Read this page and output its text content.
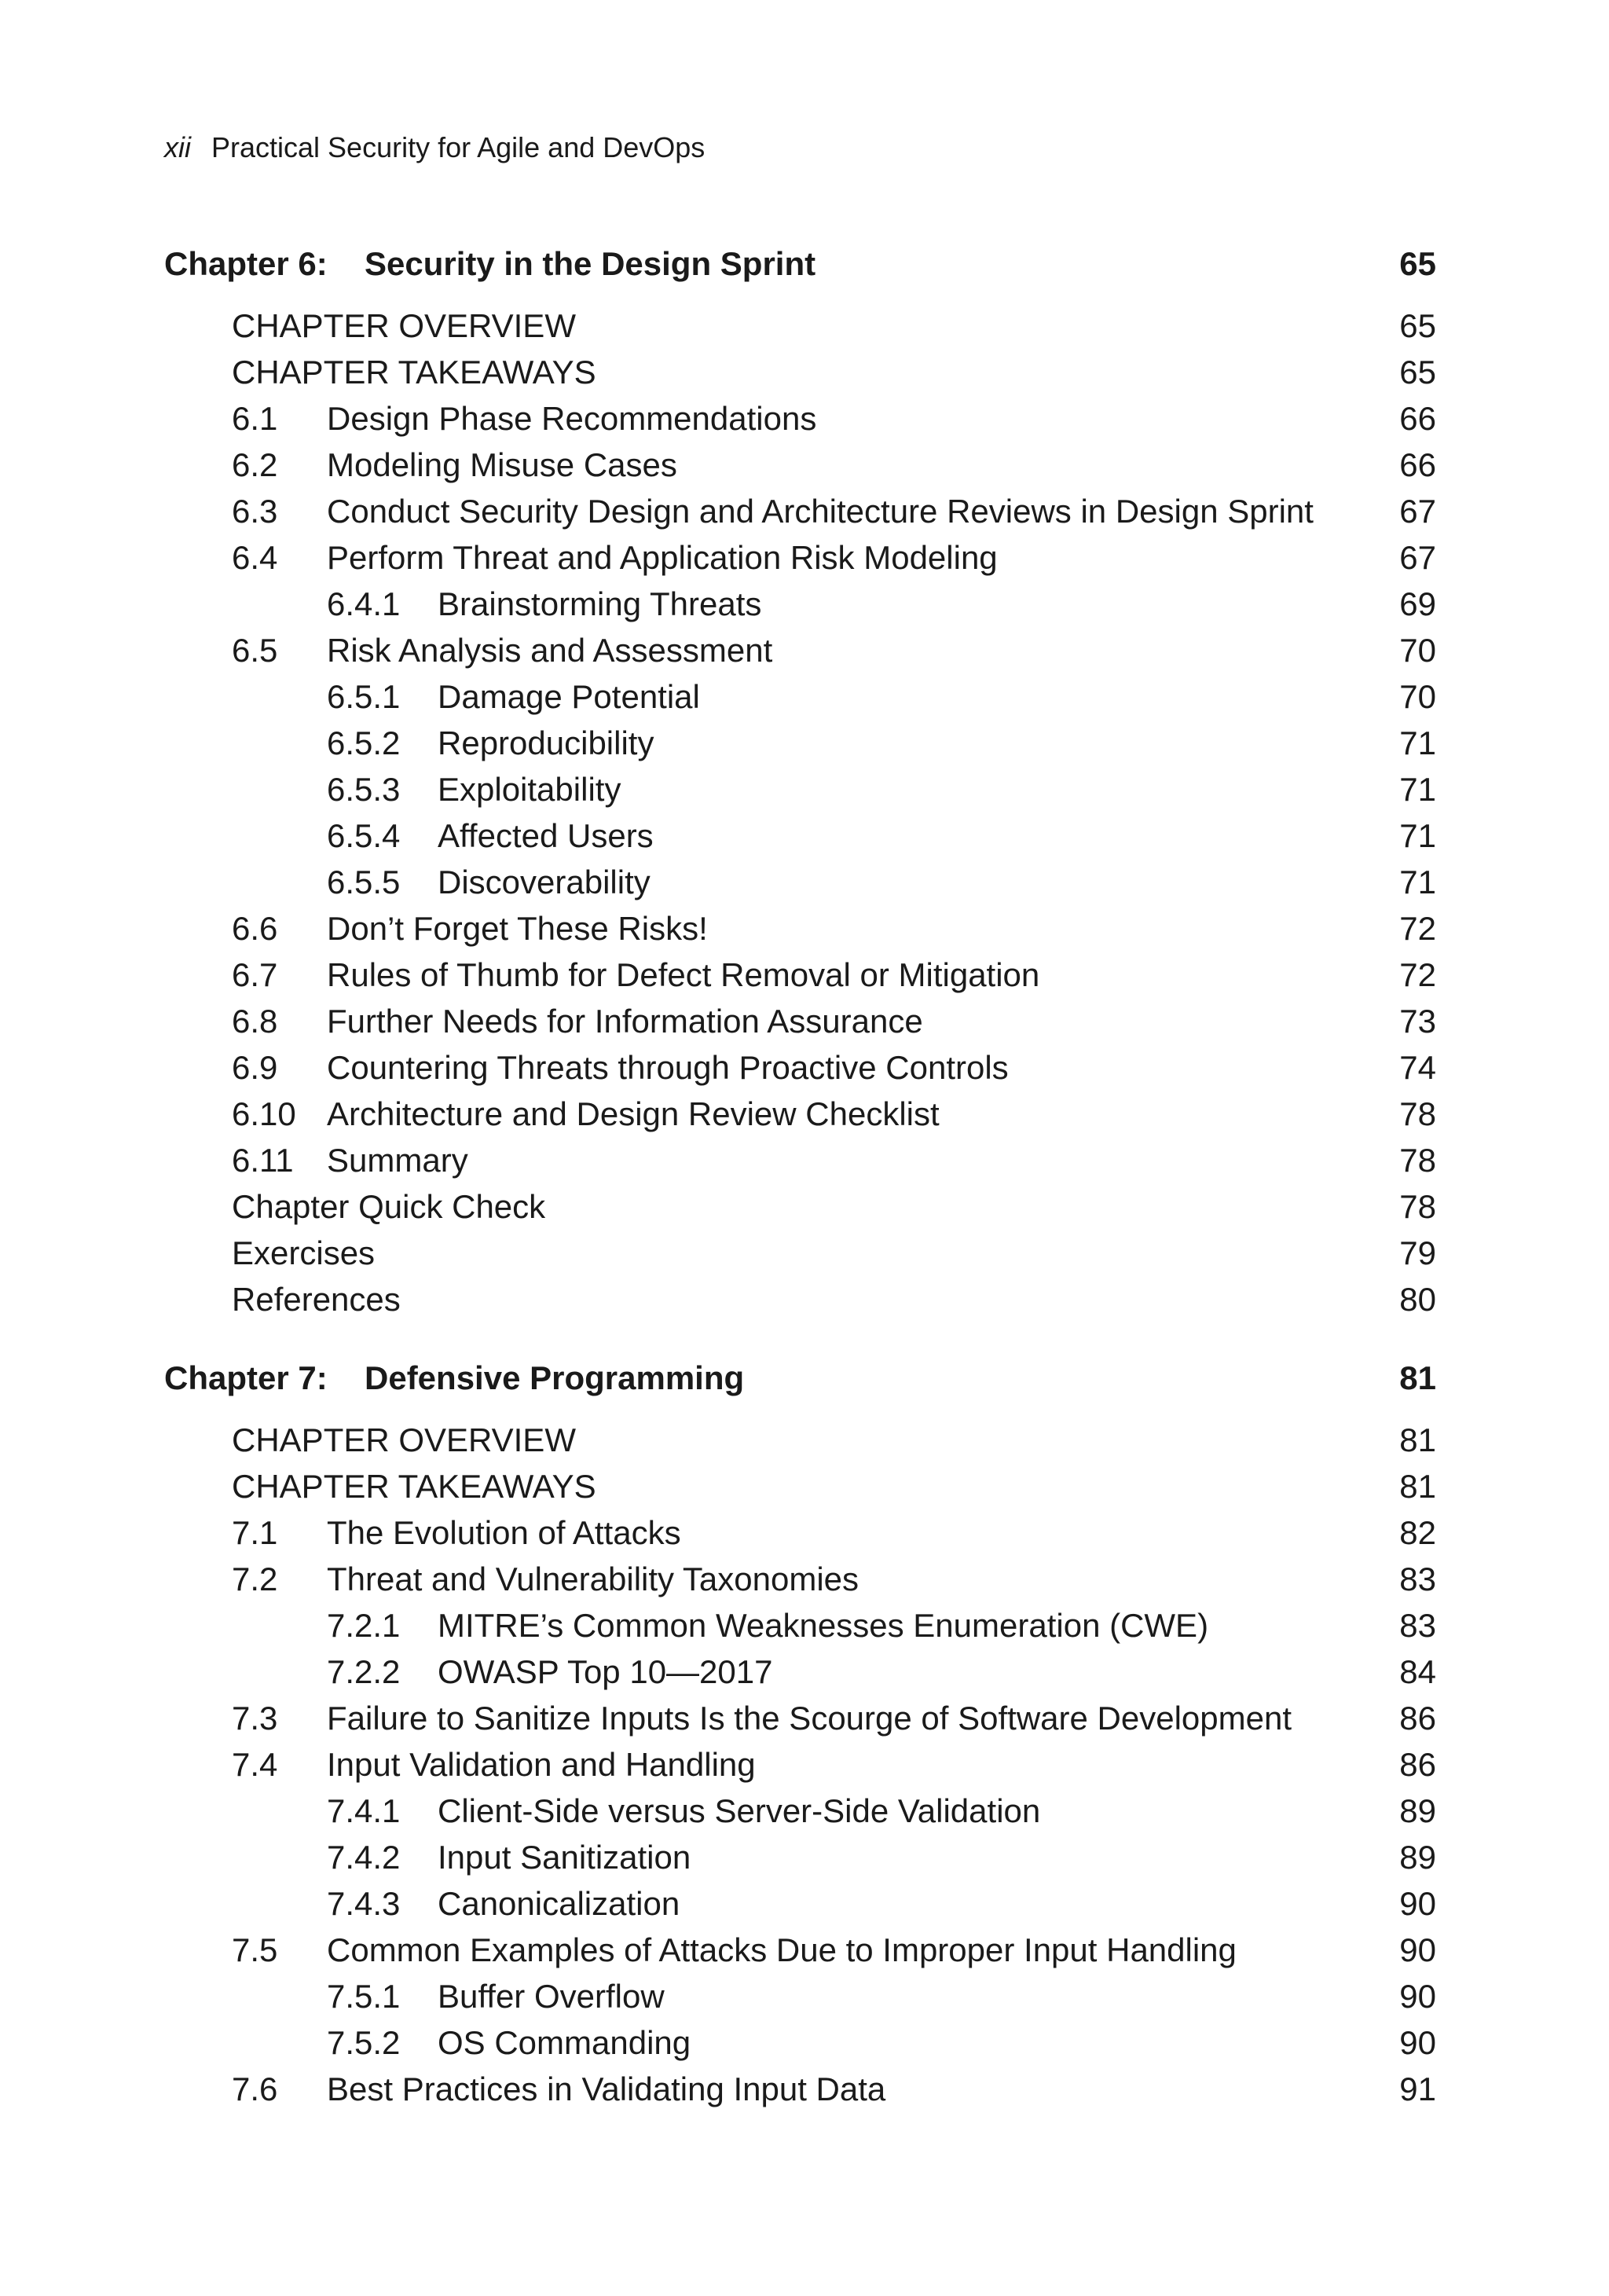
xii Practical Security for Agile and DevOps
Chapter 6: Security in the Design Sprint	65
CHAPTER OVERVIEW	65
CHAPTER TAKEAWAYS	65
6.1 Design Phase Recommendations	66
6.2 Modeling Misuse Cases	66
6.3 Conduct Security Design and Architecture Reviews in Design Sprint	67
6.4 Perform Threat and Application Risk Modeling	67
6.4.1 Brainstorming Threats	69
6.5 Risk Analysis and Assessment	70
6.5.1 Damage Potential	70
6.5.2 Reproducibility	71
6.5.3 Exploitability	71
6.5.4 Affected Users	71
6.5.5 Discoverability	71
6.6 Don’t Forget These Risks!	72
6.7 Rules of Thumb for Defect Removal or Mitigation	72
6.8 Further Needs for Information Assurance	73
6.9 Countering Threats through Proactive Controls	74
6.10 Architecture and Design Review Checklist	78
6.11 Summary	78
Chapter Quick Check	78
Exercises	79
References	80
Chapter 7: Defensive Programming	81
CHAPTER OVERVIEW	81
CHAPTER TAKEAWAYS	81
7.1 The Evolution of Attacks	82
7.2 Threat and Vulnerability Taxonomies	83
7.2.1 MITRE’s Common Weaknesses Enumeration (CWE)	83
7.2.2 OWASP Top 10—2017	84
7.3 Failure to Sanitize Inputs Is the Scourge of Software Development	86
7.4 Input Validation and Handling	86
7.4.1 Client-Side versus Server-Side Validation	89
7.4.2 Input Sanitization	89
7.4.3 Canonicalization	90
7.5 Common Examples of Attacks Due to Improper Input Handling	90
7.5.1 Buffer Overflow	90
7.5.2 OS Commanding	90
7.6 Best Practices in Validating Input Data	91
